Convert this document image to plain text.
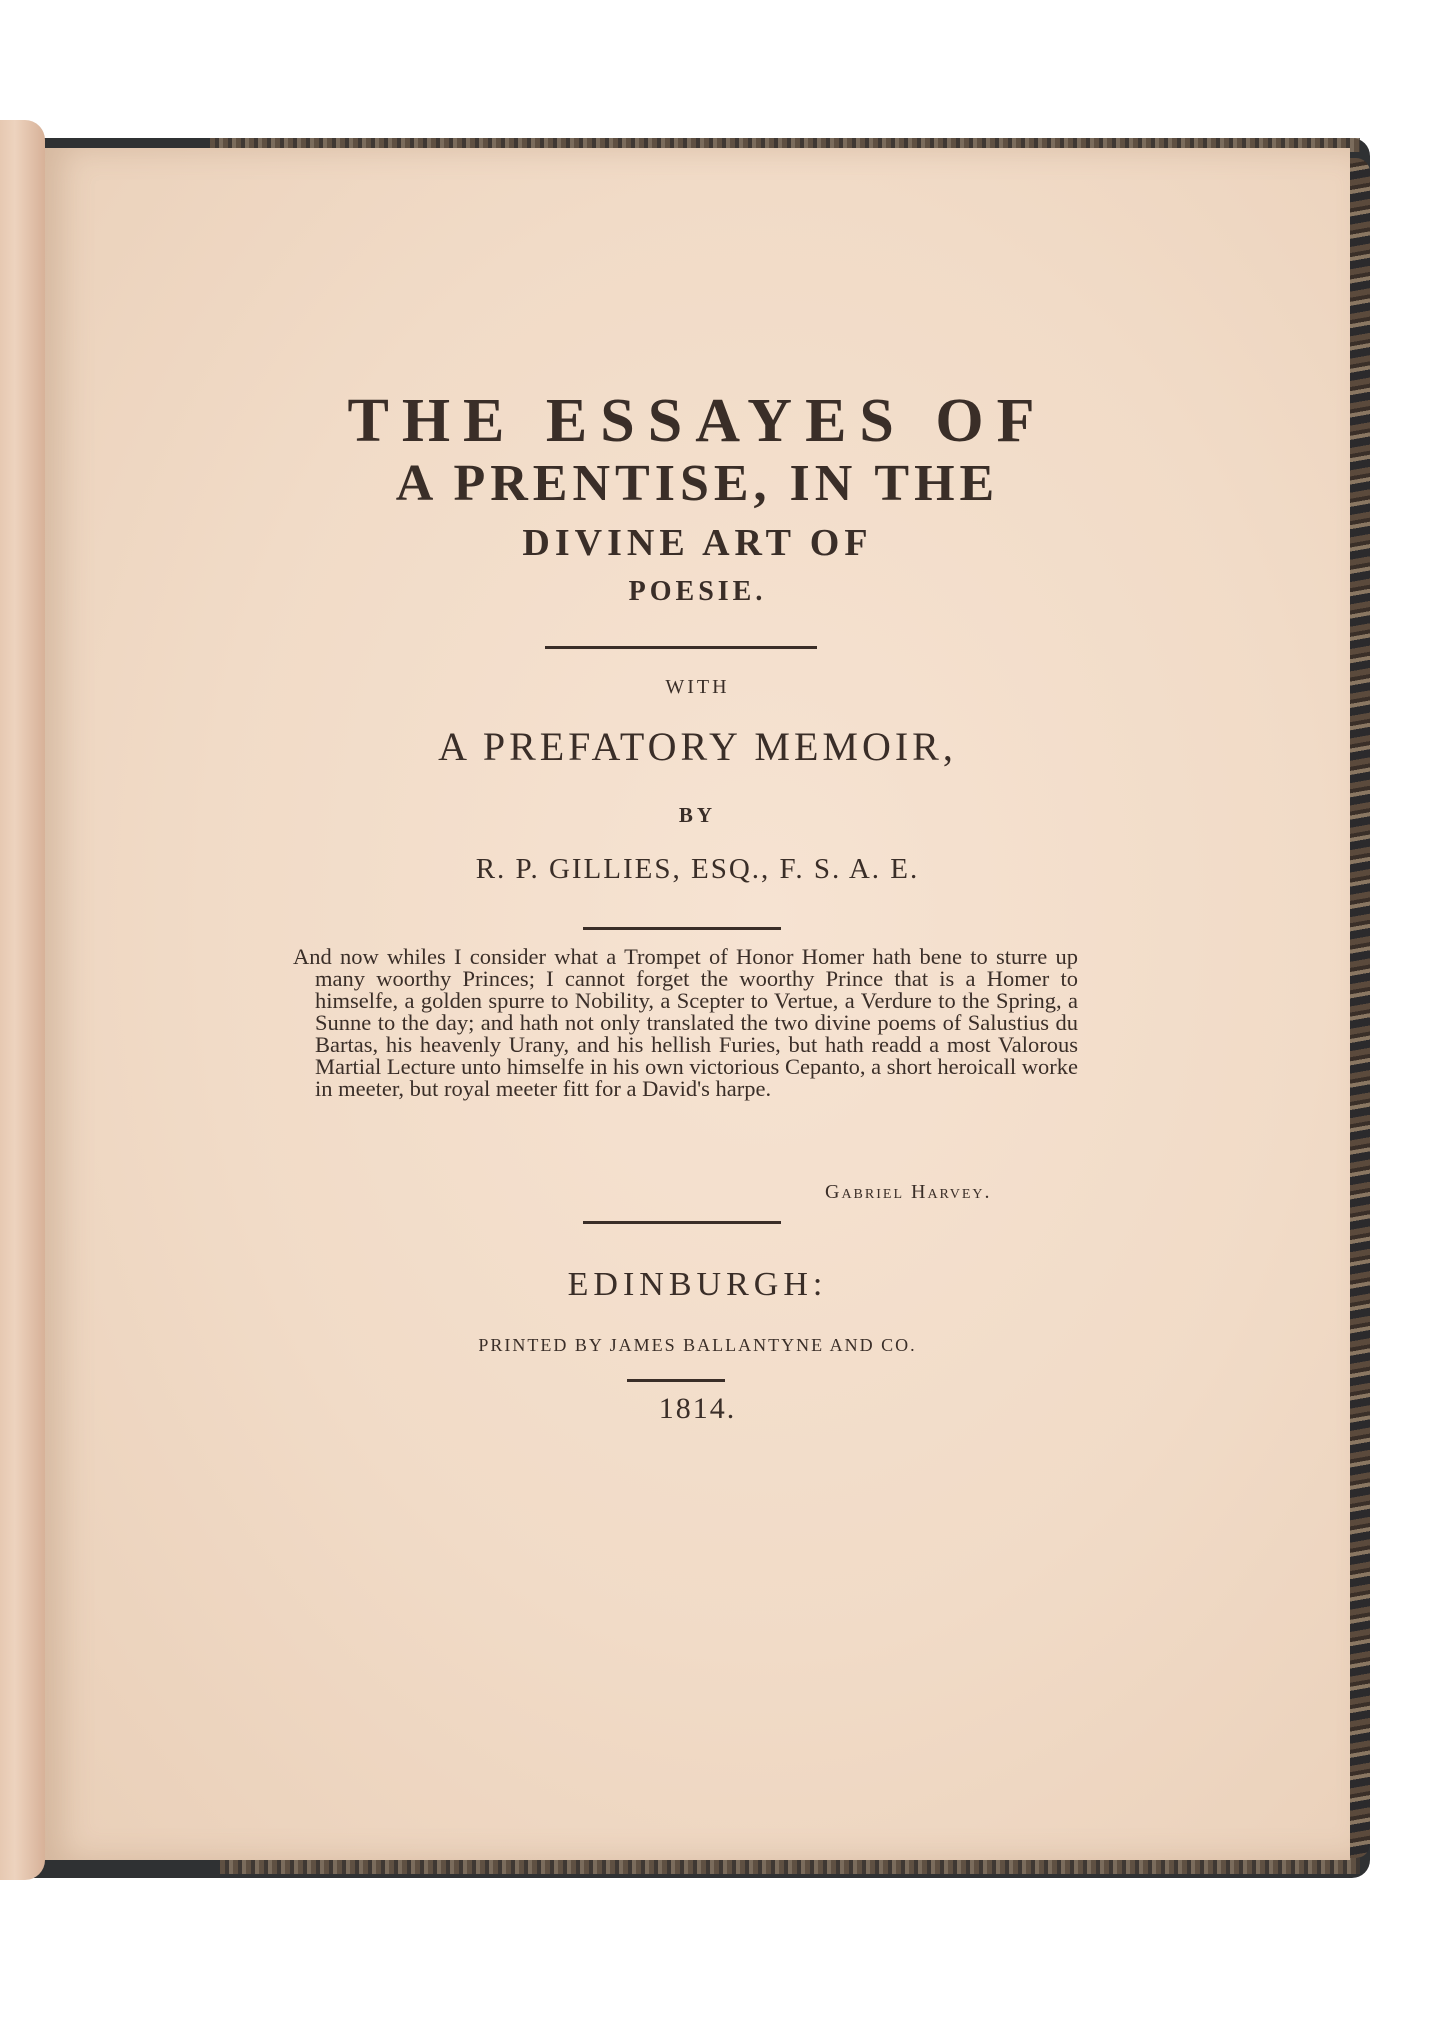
THE ESSAYES OF
A PRENTISE, IN THE
DIVINE ART OF
POESIE.
WITH
A PREFATORY MEMOIR,
BY
R. P. GILLIES, ESQ., F. S. A. E.
And now whiles I consider what a Trompet of Honor Homer hath bene to sturre up many woorthy Princes; I cannot forget the woorthy Prince that is a Homer to himselfe, a golden spurre to Nobility, a Scepter to Vertue, a Verdure to the Spring, a Sunne to the day; and hath not only translated the two divine poems of Salustius du Bartas, his heavenly Urany, and his hellish Furies, but hath readd a most Valorous Martial Lecture unto himselfe in his own victorious Cepanto, a short heroicall worke in meeter, but royal meeter fitt for a David's harpe.
Gabriel Harvey.
EDINBURGH:
PRINTED BY JAMES BALLANTYNE AND CO.
1814.
